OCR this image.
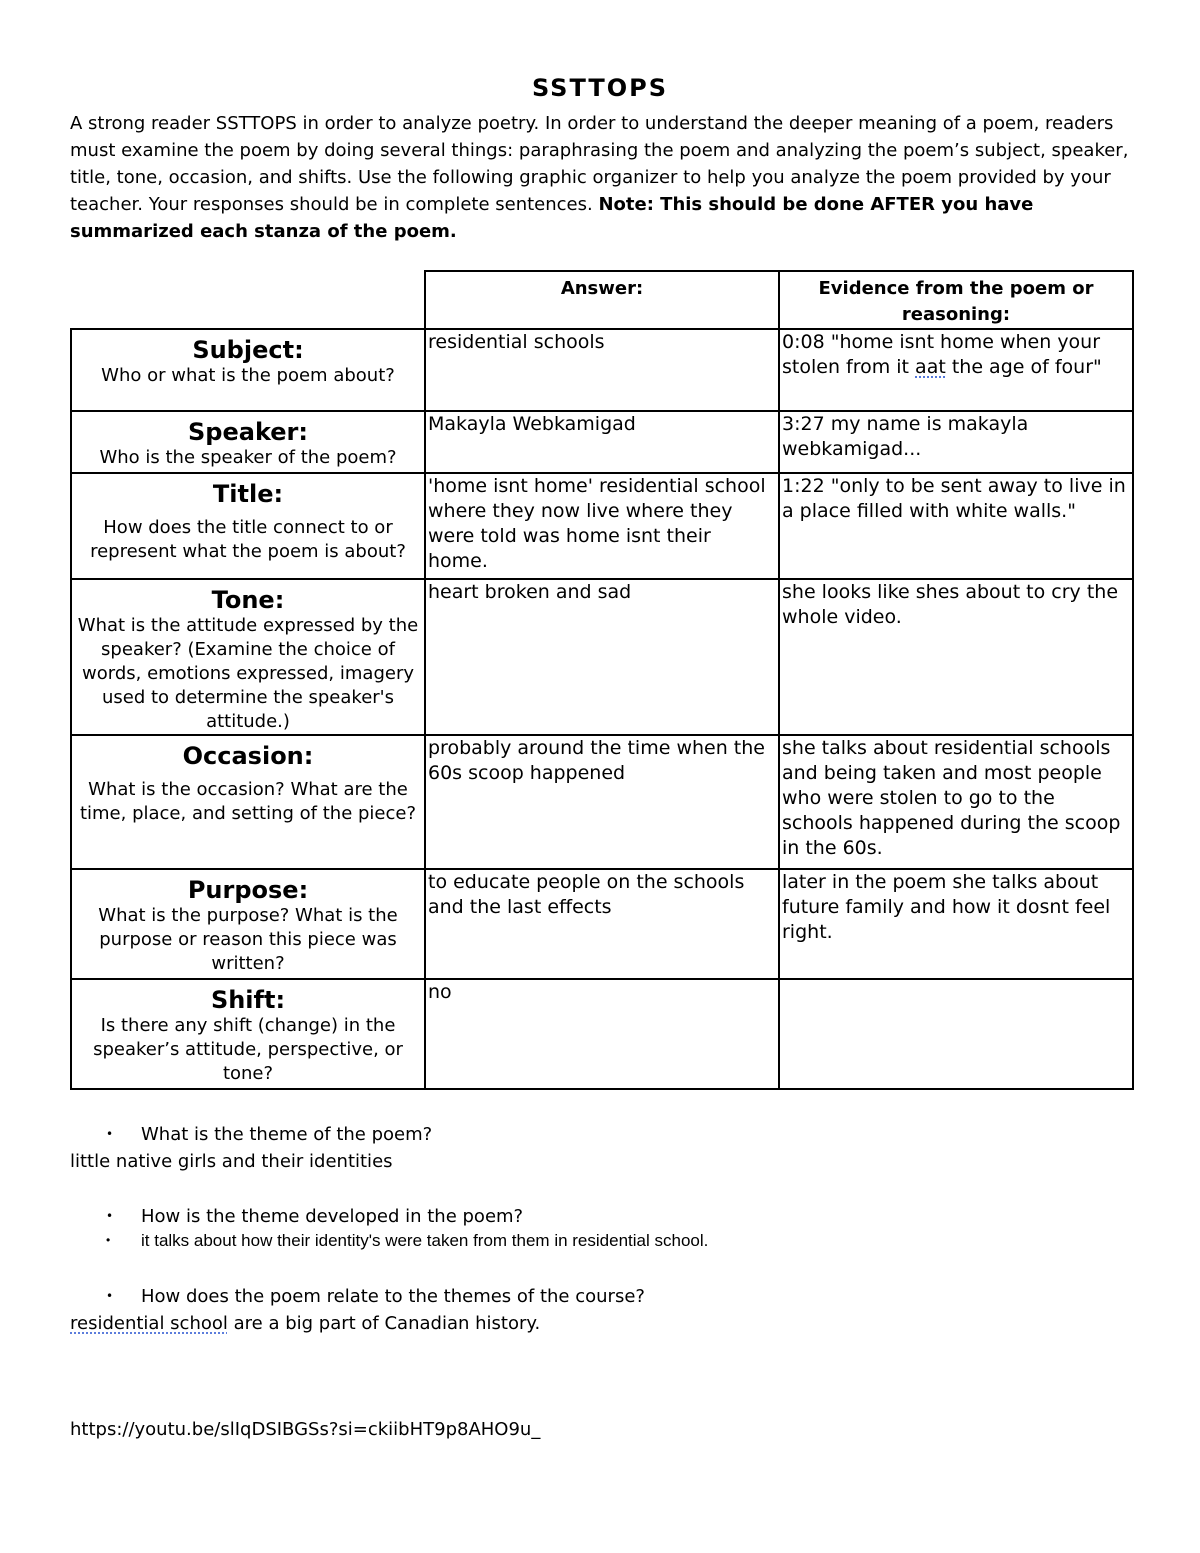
SSTTOPS
A strong reader SSTTOPS in order to analyze poetry. In order to understand the deeper meaning of a poem, readers must examine the poem by doing several things: paraphrasing the poem and analyzing the poem’s subject, speaker, title, tone, occasion, and shifts. Use the following graphic organizer to help you analyze the poem provided by your teacher. Your responses should be in complete sentences. Note: This should be done AFTER you have summarized each stanza of the poem.
	Answer:	Evidence from the poem or reasoning:

Subject:
Who or what is the poem about?	residential schools	0:08 "home isnt home when your stolen from it aat the age of four"

Speaker:
Who is the speaker of the poem?	Makayla Webkamigad	3:27 my name is makayla webkamigad...

Title:
How does the title connect to or represent what the poem is about?	'home isnt home' residential school where they now live where they were told was home isnt their home.	1:22 "only to be sent away to live in a place filled with white walls."

Tone:
What is the attitude expressed by the speaker? (Examine the choice of words, emotions expressed, imagery used to determine the speaker's attitude.)	heart broken and sad	she looks like shes about to cry the whole video.

Occasion:
What is the occasion? What are the time, place, and setting of the piece?	probably around the time when the 60s scoop happened	she talks about residential schools and being taken and most people who were stolen to go to the schools happened during the scoop in the 60s.

Purpose:
What is the purpose? What is the purpose or reason this piece was written?	to educate people on the schools and the last effects	later in the poem she talks about future family and how it dosnt feel right.

Shift:
Is there any shift (change) in the speaker’s attitude, perspective, or tone?	no	
• What is the theme of the poem?
little native girls and their identities
• How is the theme developed in the poem?
• it talks about how their identity's were taken from them in residential school.
• How does the poem relate to the themes of the course?
residential school are a big part of Canadian history.
https://youtu.be/slIqDSIBGSs?si=ckiibHT9p8AHO9u_
